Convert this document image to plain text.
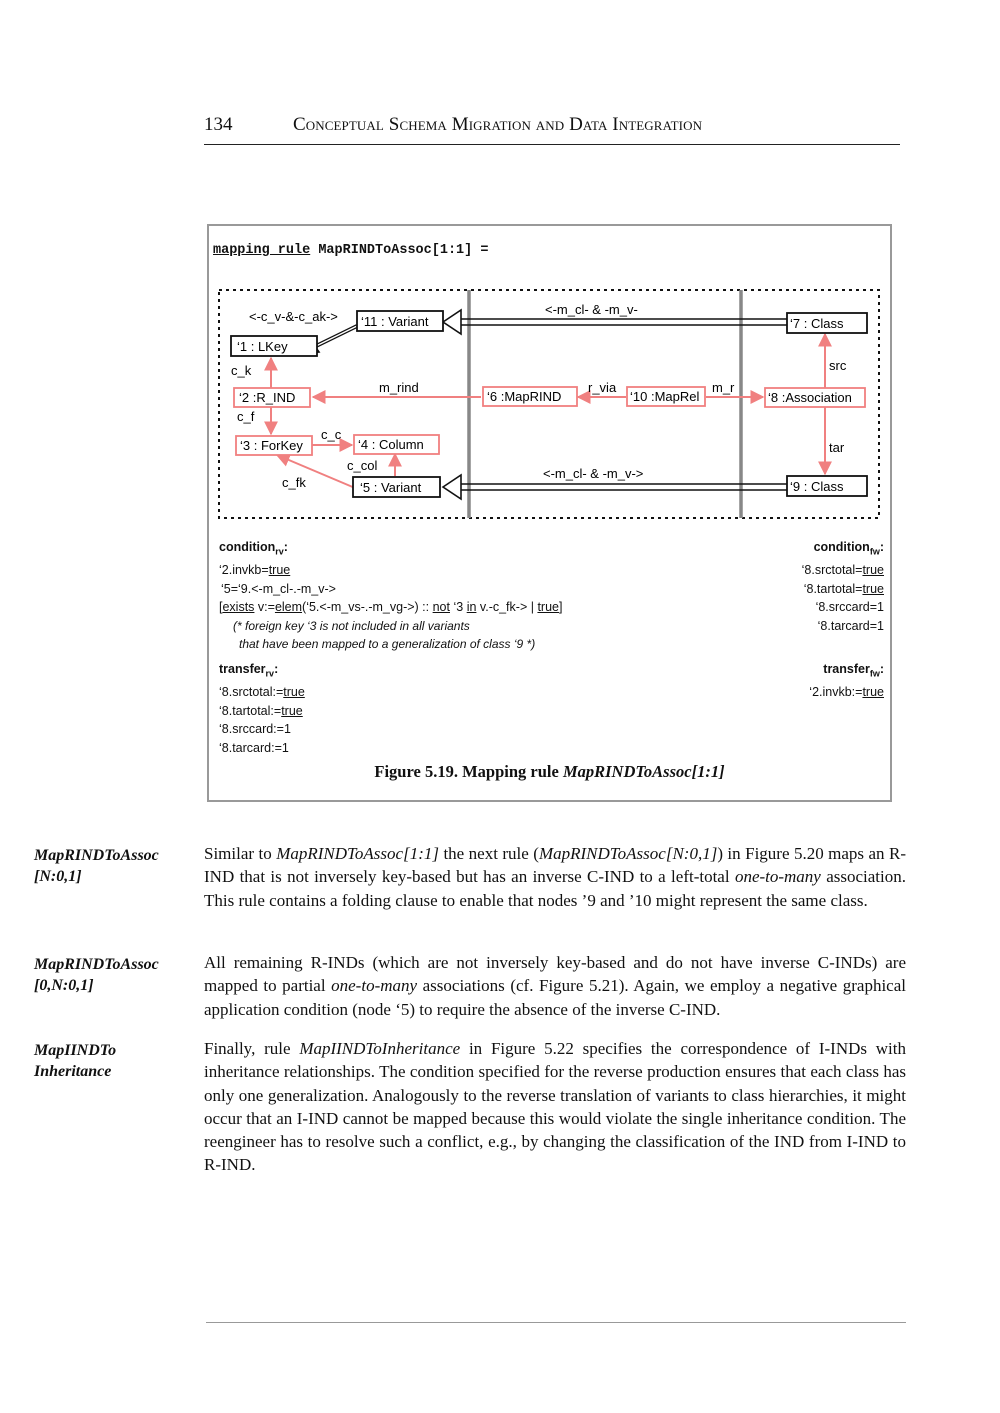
134	Conceptual Schema Migration and Data Integration
mapping rule MapRINDToAssoc[1:1] =
‘11 : Variant
‘1 : LKey
‘2 :R_IND
‘3 : ForKey	‘4 : Column
‘5 : Variant
‘6 :MapRIND	‘10 :MapRel
‘7 : Class
‘8 :Association
‘9 : Class
<-c_v-&-c_ak->
c_k
c_f
c_c
c_col
c_fk
m_rind	r_via	m_r
src
tar
<-m_cl- & -m_v-
<-m_cl- & -m_v->
condition$_{rv}$:
‘2.invkb=true
‘5=‘9.<-m_cl-.-m_v->
[exists v:=elem(‘5.<-m_vs-.-m_vg->) :: not ‘3 in v.-c_fk-> | true]
(* foreign key ‘3 is not included in all variants
that have been mapped to a generalization of class ‘9 *)
condition$_{fw}$:
‘8.srctotal=true
‘8.tartotal=true
‘8.srccard=1
‘8.tarcard=1
transfer$_{rv}$:
‘8.srctotal:=true
‘8.tartotal:=true
‘8.srccard:=1
‘8.tarcard:=1
transfer$_{fw}$:
‘2.invkb:=true
Figure 5.19. Mapping rule MapRINDToAssoc[1:1]
MapRINDToAssoc
[N:0,1]
Similar to MapRINDToAssoc[1:1] the next rule (MapRINDToAssoc[N:0,1]) in Figure 5.20 maps an R-IND that is not inversely key-based but has an inverse C-IND to a left-total one-to-many association. This rule contains a folding clause to enable that nodes ’9 and ’10 might represent the same class.
MapRINDToAssoc
[0,N:0,1]
All remaining R-INDs (which are not inversely key-based and do not have inverse C-INDs) are mapped to partial one-to-many associations (cf. Figure 5.21). Again, we employ a negative graphical application condition (node ‘5) to require the absence of the inverse C-IND.
MapIINDTo
Inheritance
Finally, rule MapIINDToInheritance in Figure 5.22 specifies the correspondence of I-INDs with inheritance relationships. The condition specified for the reverse production ensures that each class has only one generalization. Analogously to the reverse translation of variants to class hierarchies, it might occur that an I-IND cannot be mapped because this would violate the single inheritance condition. The reengineer has to resolve such a conflict, e.g., by changing the classification of the IND from I-IND to R-IND.
